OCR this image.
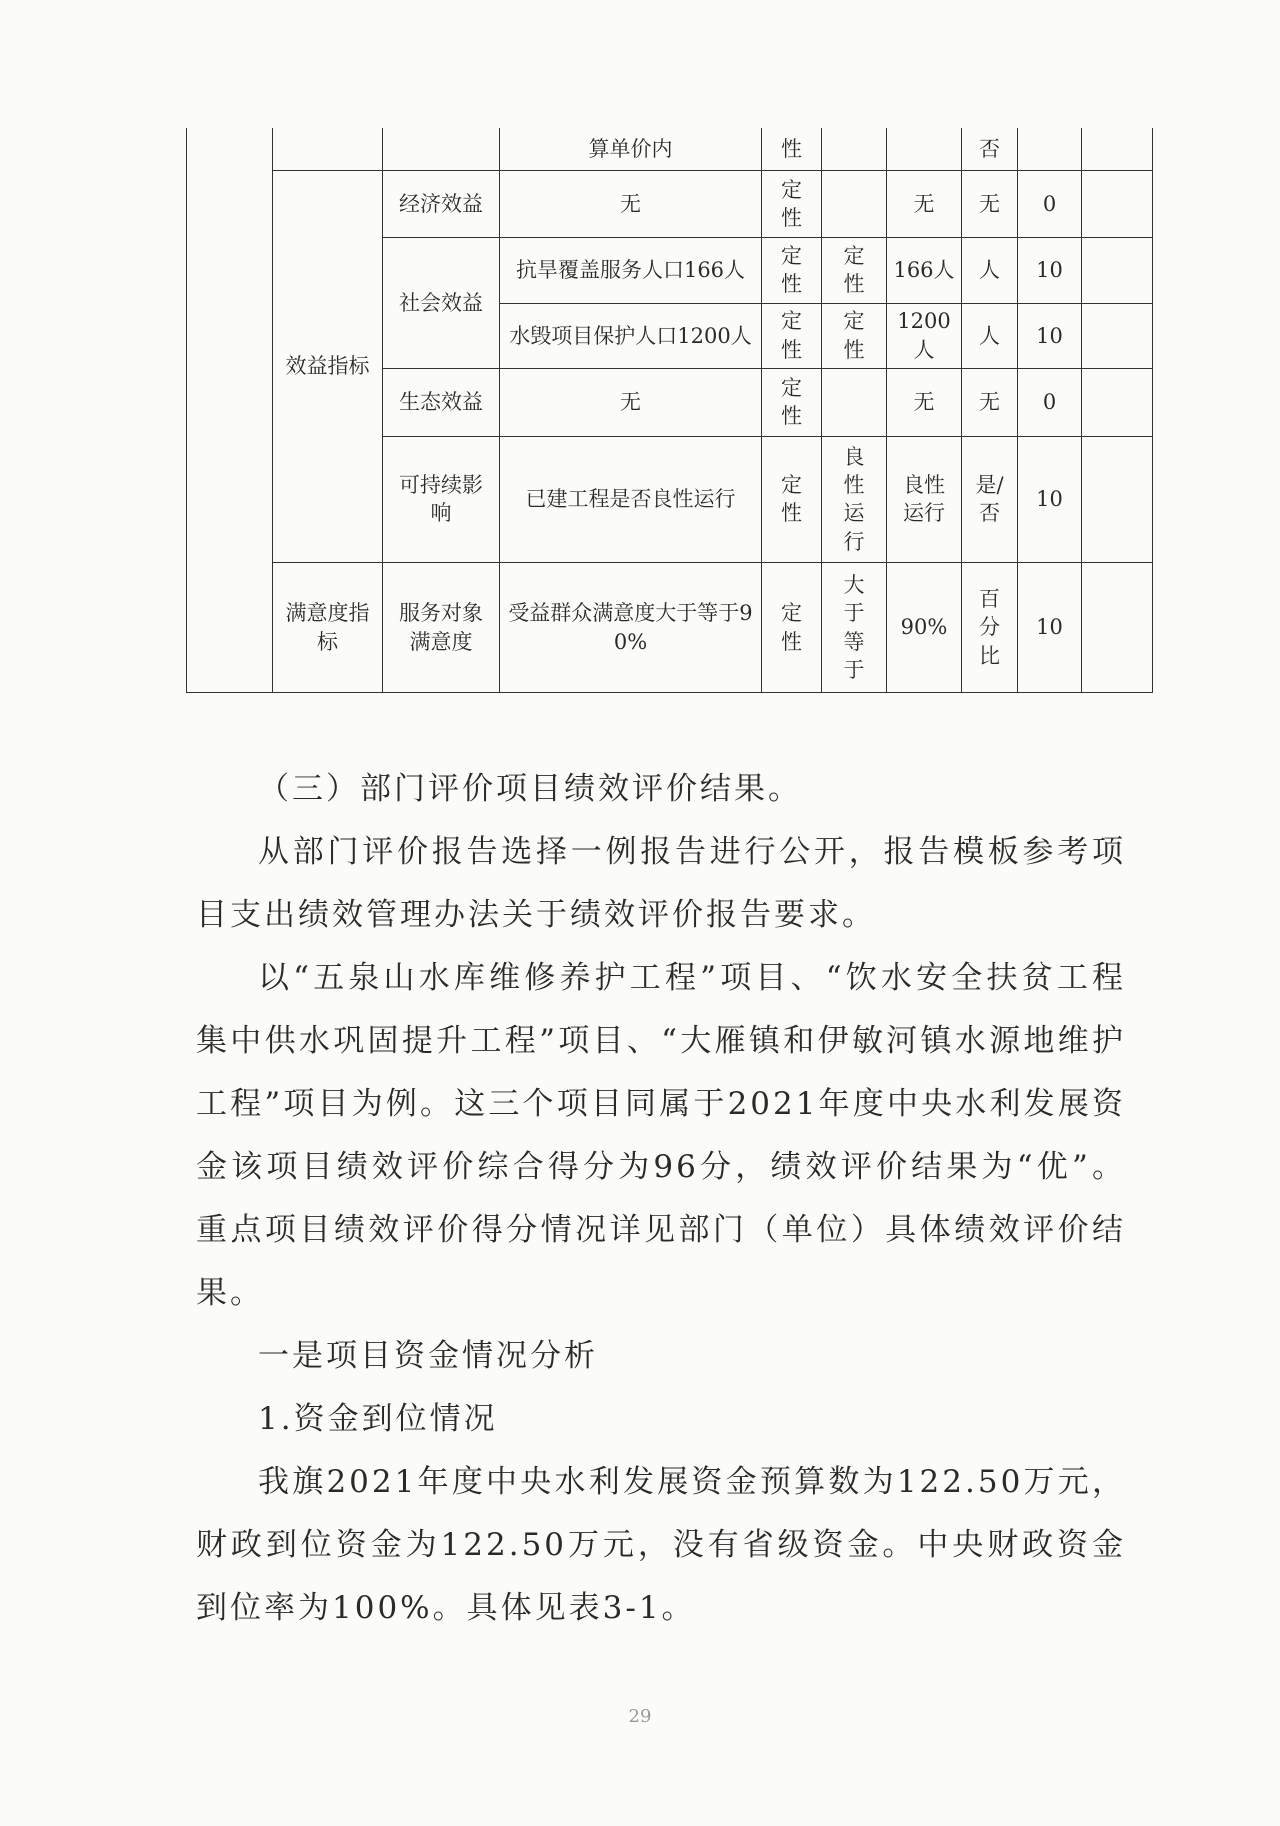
			算单价内	性			否		
	效益指标	经济效益	无	定性		无	无	0	
		社会效益	抗旱覆盖服务人口166人	定性	定性	166人	人	10	
			水毁项目保护人口1200人	定性	定性	1200人	人	10	
		生态效益	无	定性		无	无	0	
		可持续影响	已建工程是否良性运行	定性	良性运行	良性运行	是/否	10	
	满意度指标	服务对象满意度	受益群众满意度大于等于90%	定性	大于等于	90%	百分比	10	

（三）部门评价项目绩效评价结果。

从部门评价报告选择一例报告进行公开，报告模板参考项目支出绩效管理办法关于绩效评价报告要求。

以“五泉山水库维修养护工程”项目、“饮水安全扶贫工程集中供水巩固提升工程”项目、“大雁镇和伊敏河镇水源地维护工程”项目为例。这三个项目同属于2021年度中央水利发展资金该项目绩效评价综合得分为96分，绩效评价结果为“优”。重点项目绩效评价得分情况详见部门（单位）具体绩效评价结果。

一是项目资金情况分析

1.资金到位情况

我旗2021年度中央水利发展资金预算数为122.50万元，财政到位资金为122.50万元，没有省级资金。中央财政资金到位率为100%。具体见表3-1。

29
